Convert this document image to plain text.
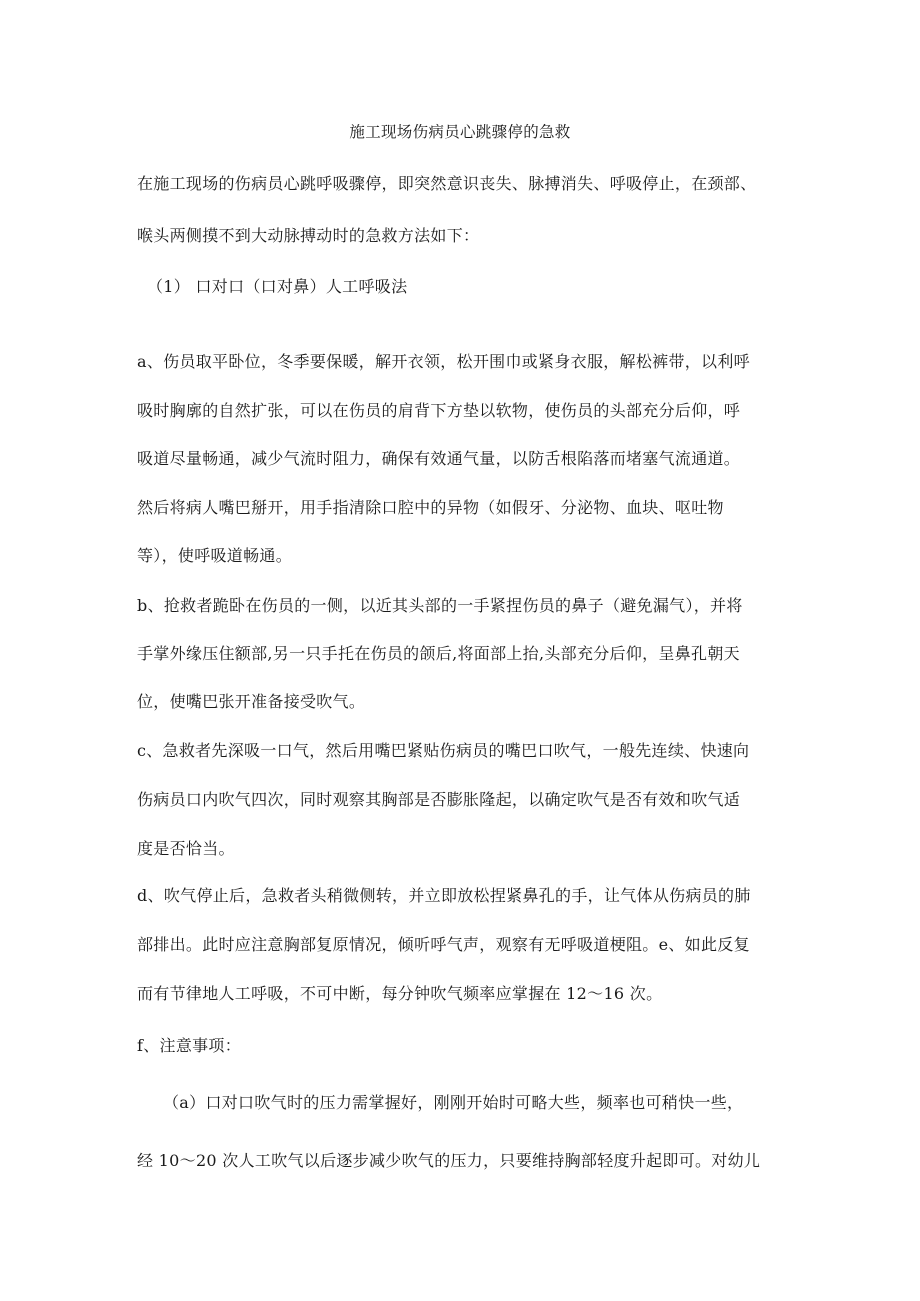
施工现场伤病员心跳骤停的急救
在施工现场的伤病员心跳呼吸骤停，即突然意识丧失、脉搏消失、呼吸停止，在颈部、
喉头两侧摸不到大动脉搏动时的急救方法如下：
（1） 口对口（口对鼻）人工呼吸法
a、伤员取平卧位，冬季要保暖，解开衣领，松开围巾或紧身衣服，解松裤带，以利呼
吸时胸廓的自然扩张，可以在伤员的肩背下方垫以软物，使伤员的头部充分后仰，呼
吸道尽量畅通，减少气流时阻力，确保有效通气量，以防舌根陷落而堵塞气流通道。
然后将病人嘴巴掰开，用手指清除口腔中的异物（如假牙、分泌物、血块、呕吐物
等），使呼吸道畅通。
b、抢救者跪卧在伤员的一侧，以近其头部的一手紧捏伤员的鼻子（避免漏气），并将
手掌外缘压住额部,另一只手托在伤员的颌后,将面部上抬,头部充分后仰，呈鼻孔朝天
位，使嘴巴张开准备接受吹气。
c、急救者先深吸一口气，然后用嘴巴紧贴伤病员的嘴巴口吹气，一般先连续、快速向
伤病员口内吹气四次，同时观察其胸部是否膨胀隆起，以确定吹气是否有效和吹气适
度是否恰当。
d、吹气停止后，急救者头稍微侧转，并立即放松捏紧鼻孔的手，让气体从伤病员的肺
部排出。此时应注意胸部复原情况，倾听呼气声，观察有无呼吸道梗阻。e、如此反复
而有节律地人工呼吸，不可中断，每分钟吹气频率应掌握在 12～16 次。
f、注意事项：
（a）口对口吹气时的压力需掌握好，刚刚开始时可略大些，频率也可稍快一些，
经 10～20 次人工吹气以后逐步减少吹气的压力，只要维持胸部轻度升起即可。对幼儿
